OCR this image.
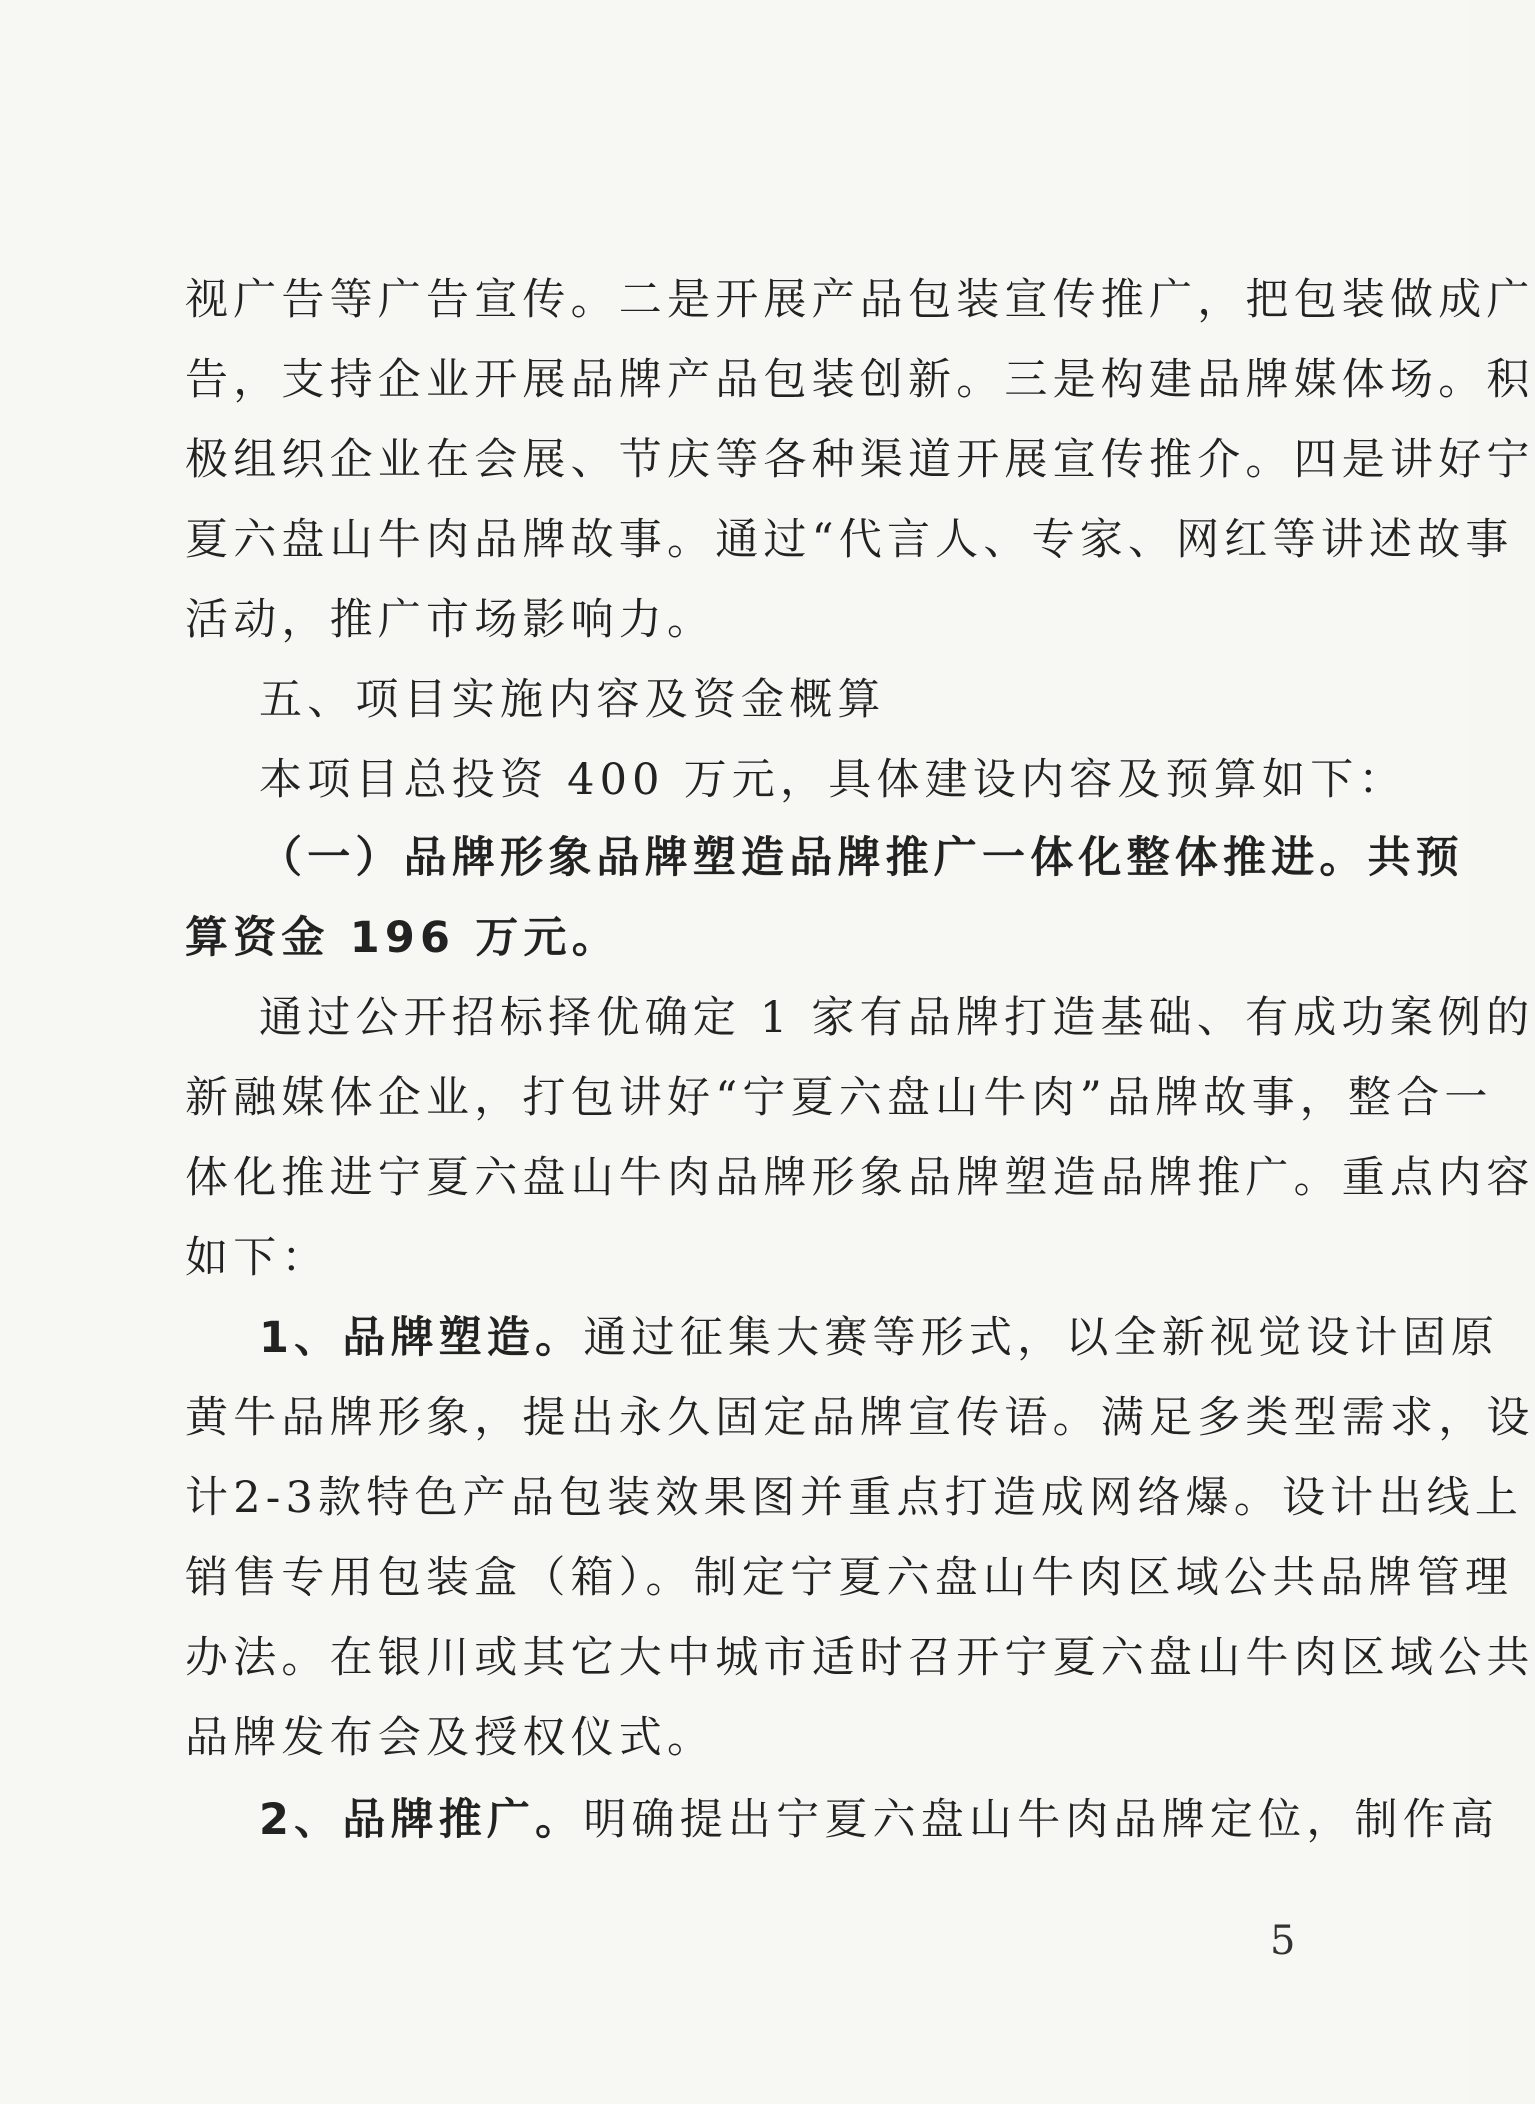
视广告等广告宣传。二是开展产品包装宣传推广，把包装做成广
告，支持企业开展品牌产品包装创新。三是构建品牌媒体场。积
极组织企业在会展、节庆等各种渠道开展宣传推介。四是讲好宁
夏六盘山牛肉品牌故事。通过“代言人、专家、网红等讲述故事
活动，推广市场影响力。
五、项目实施内容及资金概算
本项目总投资 400 万元，具体建设内容及预算如下：
（一）品牌形象品牌塑造品牌推广一体化整体推进。共预
算资金 196 万元。
通过公开招标择优确定 1 家有品牌打造基础、有成功案例的
新融媒体企业，打包讲好“宁夏六盘山牛肉”品牌故事，整合一
体化推进宁夏六盘山牛肉品牌形象品牌塑造品牌推广。重点内容
如下：
1、品牌塑造。通过征集大赛等形式，以全新视觉设计固原
黄牛品牌形象，提出永久固定品牌宣传语。满足多类型需求，设
计2-3款特色产品包装效果图并重点打造成网络爆。设计出线上
销售专用包装盒（箱）。制定宁夏六盘山牛肉区域公共品牌管理
办法。在银川或其它大中城市适时召开宁夏六盘山牛肉区域公共
品牌发布会及授权仪式。
2、品牌推广。明确提出宁夏六盘山牛肉品牌定位，制作高
5
